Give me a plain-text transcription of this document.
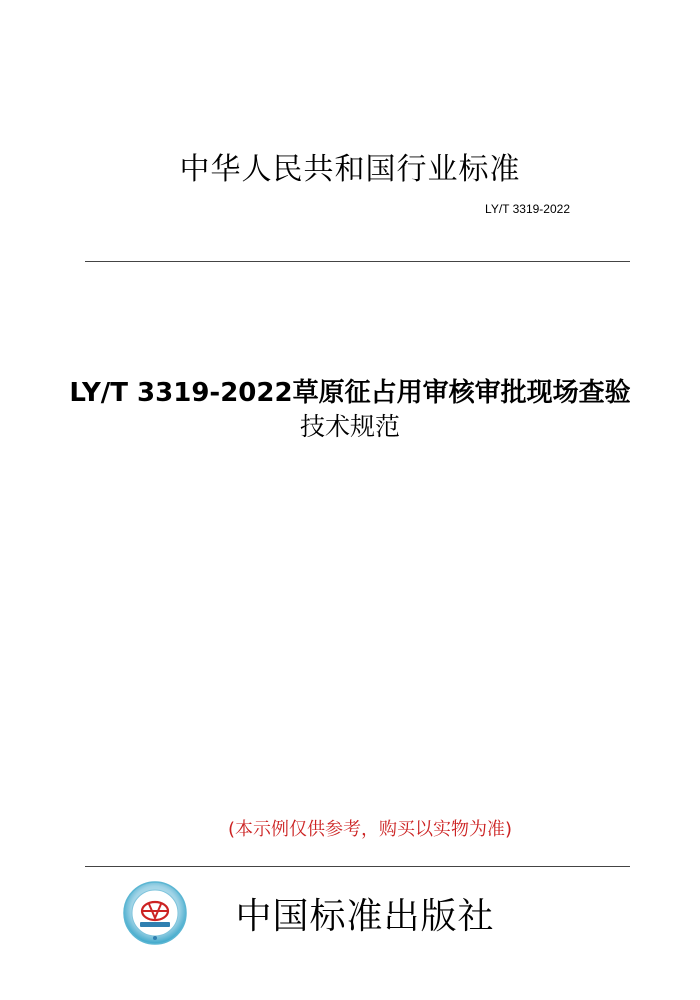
中华人民共和国行业标准
LY/T 3319-2022
LY/T 3319-2022草原征占用审核审批现场查验
技术规范
(本示例仅供参考，购买以实物为准)
中国标准出版社
